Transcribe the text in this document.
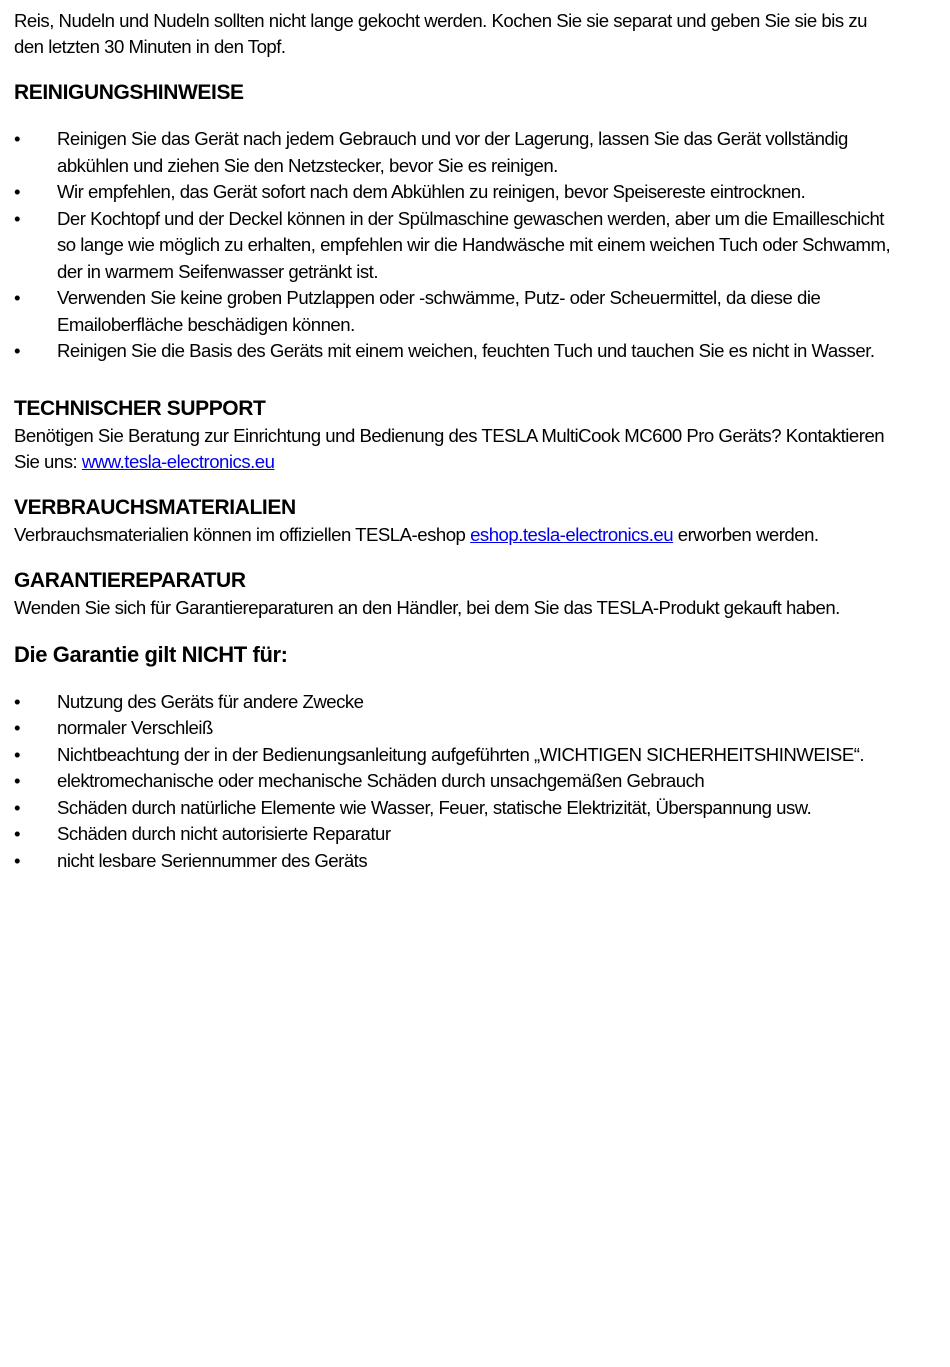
Reis, Nudeln und Nudeln sollten nicht lange gekocht werden. Kochen Sie sie separat und geben Sie sie bis zu den letzten 30 Minuten in den Topf.

REINIGUNGSHINWEISE
• Reinigen Sie das Gerät nach jedem Gebrauch und vor der Lagerung, lassen Sie das Gerät vollständig abkühlen und ziehen Sie den Netzstecker, bevor Sie es reinigen.
• Wir empfehlen, das Gerät sofort nach dem Abkühlen zu reinigen, bevor Speisereste eintrocknen.
• Der Kochtopf und der Deckel können in der Spülmaschine gewaschen werden, aber um die Emailleschicht so lange wie möglich zu erhalten, empfehlen wir die Handwäsche mit einem weichen Tuch oder Schwamm, der in warmem Seifenwasser getränkt ist.
• Verwenden Sie keine groben Putzlappen oder -schwämme, Putz- oder Scheuermittel, da diese die Emailoberfläche beschädigen können.
• Reinigen Sie die Basis des Geräts mit einem weichen, feuchten Tuch und tauchen Sie es nicht in Wasser.
TECHNISCHER SUPPORT

Benötigen Sie Beratung zur Einrichtung und Bedienung des TESLA MultiCook MC600 Pro Geräts? Kontaktieren Sie uns: www.tesla-electronics.eu

VERBRAUCHSMATERIALIEN

Verbrauchsmaterialien können im offiziellen TESLA-eshop eshop.tesla-electronics.eu erworben werden.

GARANTIEREPARATUR

Wenden Sie sich für Garantiereparaturen an den Händler, bei dem Sie das TESLA-Produkt gekauft haben.

Die Garantie gilt NICHT für:
• Nutzung des Geräts für andere Zwecke
• normaler Verschleiß
• Nichtbeachtung der in der Bedienungsanleitung aufgeführten „WICHTIGEN SICHERHEITSHINWEISE“.
• elektromechanische oder mechanische Schäden durch unsachgemäßen Gebrauch
• Schäden durch natürliche Elemente wie Wasser, Feuer, statische Elektrizität, Überspannung usw.
• Schäden durch nicht autorisierte Reparatur
• nicht lesbare Seriennummer des Geräts
